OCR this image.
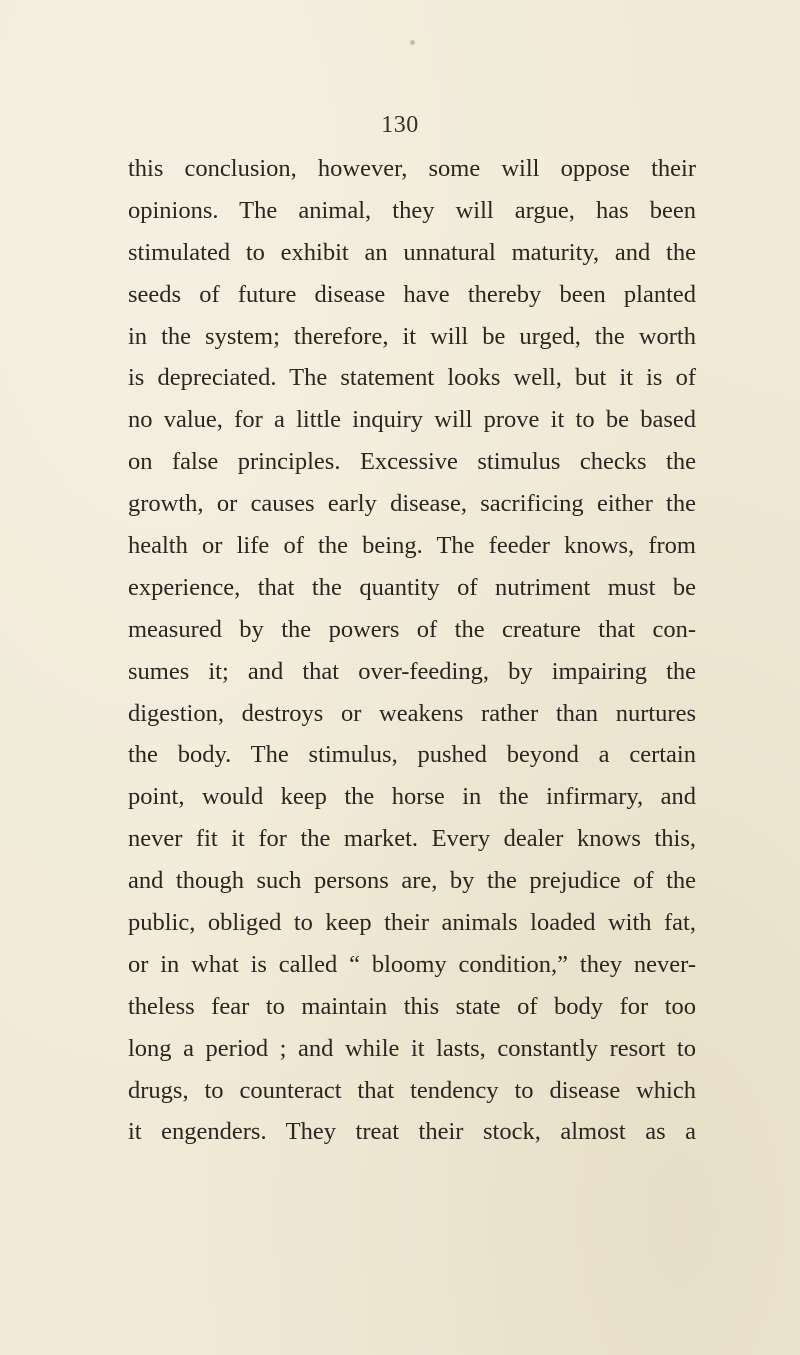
130
this conclusion, however, some will oppose their
opinions. The animal, they will argue, has been
stimulated to exhibit an unnatural maturity, and the
seeds of future disease have thereby been planted
in the system; therefore, it will be urged, the worth
is depreciated. The statement looks well, but it is of
no value, for a little inquiry will prove it to be based
on false principles. Excessive stimulus checks the
growth, or causes early disease, sacrificing either the
health or life of the being. The feeder knows, from
experience, that the quantity of nutriment must be
measured by the powers of the creature that con-
sumes it; and that over-feeding, by impairing the
digestion, destroys or weakens rather than nurtures
the body. The stimulus, pushed beyond a certain
point, would keep the horse in the infirmary, and
never fit it for the market. Every dealer knows this,
and though such persons are, by the prejudice of the
public, obliged to keep their animals loaded with fat,
or in what is called “ bloomy condition,” they never-
theless fear to maintain this state of body for too
long a period ; and while it lasts, constantly resort to
drugs, to counteract that tendency to disease which
it engenders. They treat their stock, almost as a
